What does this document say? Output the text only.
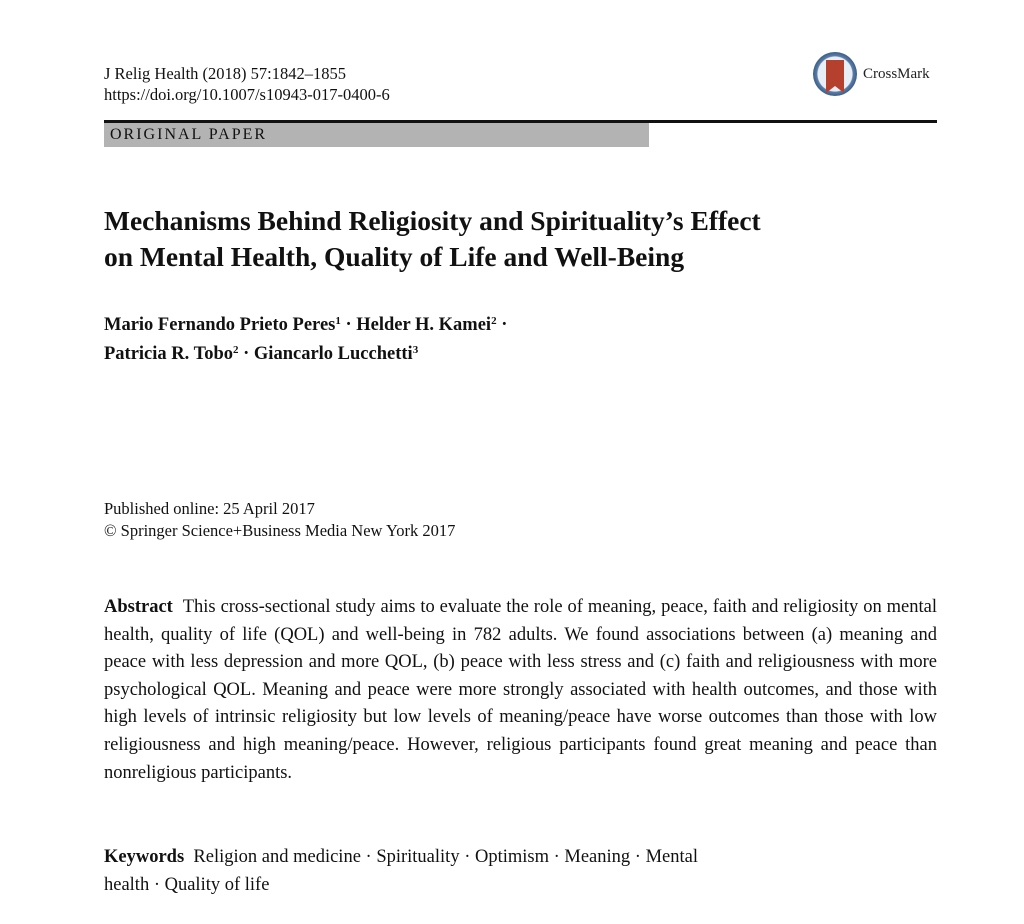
J Relig Health (2018) 57:1842–1855
https://doi.org/10.1007/s10943-017-0400-6
CrossMark
ORIGINAL PAPER
Mechanisms Behind Religiosity and Spirituality’s Effect
on Mental Health, Quality of Life and Well-Being
Mario Fernando Prieto Peres$^1$ · Helder H. Kamei$^2$ ·
Patricia R. Tobo$^2$ · Giancarlo Lucchetti$^3$
Published online: 25 April 2017
© Springer Science+Business Media New York 2017
Abstract This cross-sectional study aims to evaluate the role of meaning, peace, faith and religiosity on mental health, quality of life (QOL) and well-being in 782 adults. We found associations between (a) meaning and peace with less depression and more QOL, (b) peace with less stress and (c) faith and religiousness with more psychological QOL. Meaning and peace were more strongly associated with health outcomes, and those with high levels of intrinsic religiosity but low levels of meaning/peace have worse outcomes than those with low religiousness and high meaning/peace. However, religious participants found great meaning and peace than nonreligious participants.
Keywords Religion and medicine · Spirituality · Optimism · Meaning · Mental
health · Quality of life
